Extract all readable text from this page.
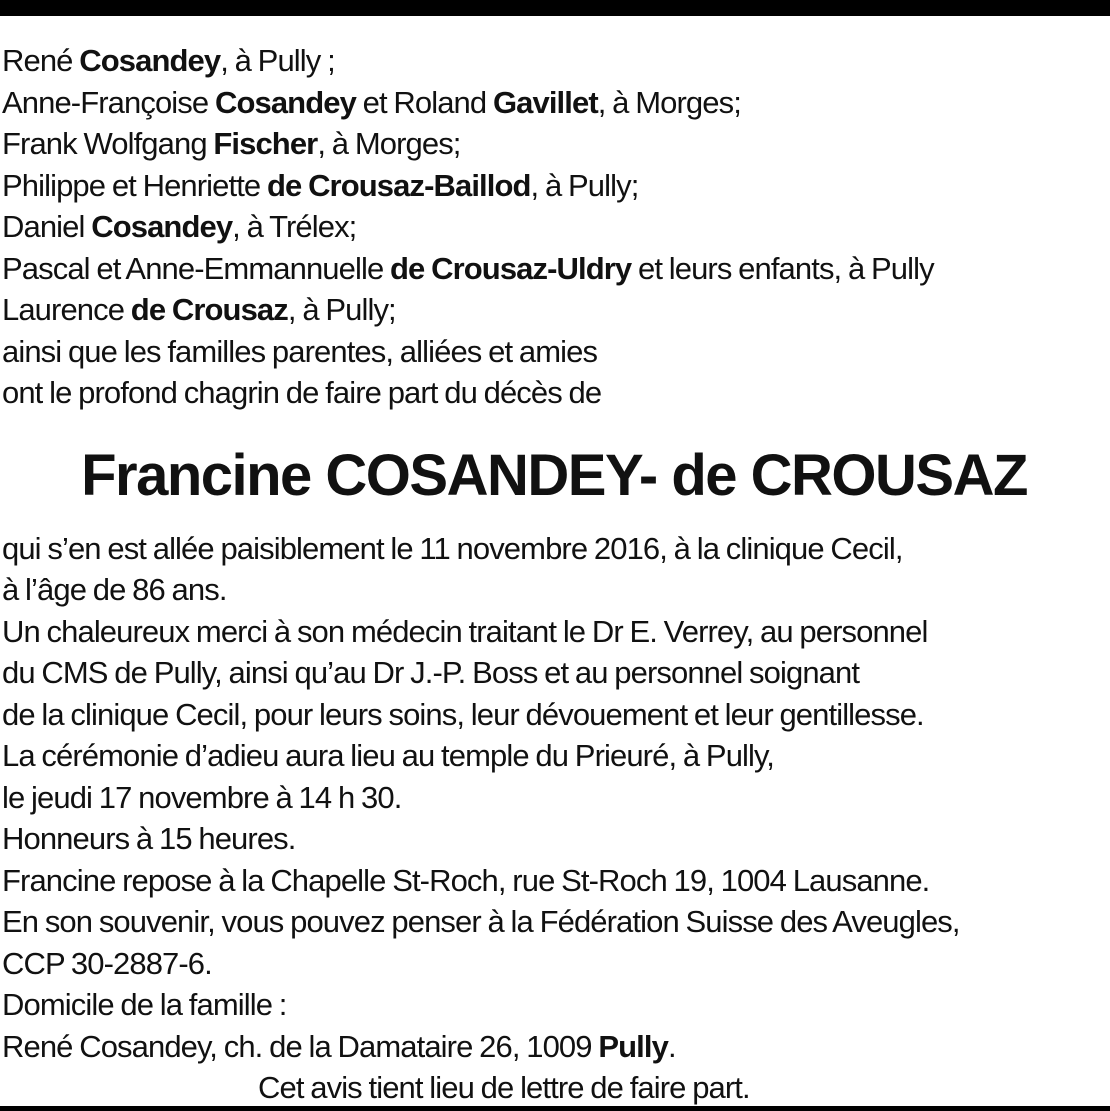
René Cosandey, à Pully ;
Anne-Françoise Cosandey et Roland Gavillet, à Morges;
Frank Wolfgang Fischer, à Morges;
Philippe et Henriette de Crousaz-Baillod, à Pully;
Daniel Cosandey, à Trélex;
Pascal et Anne-Emmannuelle de Crousaz-Uldry et leurs enfants, à Pully
Laurence de Crousaz, à Pully;
ainsi que les familles parentes, alliées et amies
ont le profond chagrin de faire part du décès de
Francine COSANDEY- de CROUSAZ
qui s’en est allée paisiblement le 11 novembre 2016, à la clinique Cecil,
à l’âge de 86 ans.
Un chaleureux merci à son médecin traitant le Dr E. Verrey, au personnel
du CMS de Pully, ainsi qu’au Dr J.-P. Boss et au personnel soignant
de la clinique Cecil, pour leurs soins, leur dévouement et leur gentillesse.
La cérémonie d’adieu aura lieu au temple du Prieuré, à Pully,
le jeudi 17 novembre à 14 h 30.
Honneurs à 15 heures.
Francine repose à la Chapelle St-Roch, rue St-Roch 19, 1004 Lausanne.
En son souvenir, vous pouvez penser à la Fédération Suisse des Aveugles,
CCP 30-2887-6.
Domicile de la famille :
René Cosandey, ch. de la Damataire 26, 1009 Pully.
Cet avis tient lieu de lettre de faire part.
